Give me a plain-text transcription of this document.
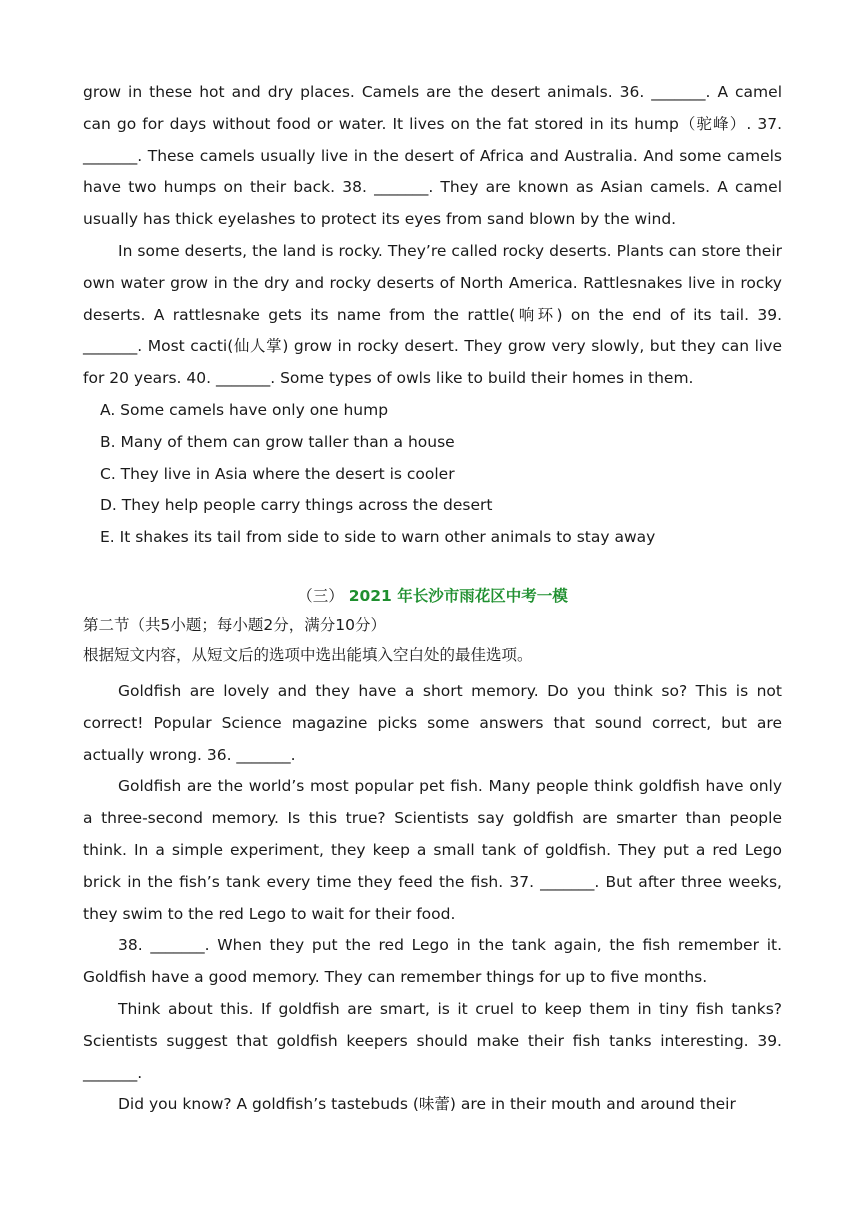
grow in these hot and dry places. Camels are the desert animals. 36. _______. A camel can go for days without food or water. It lives on the fat stored in its hump（驼峰）. 37. _______. These camels usually live in the desert of Africa and Australia. And some camels have two humps on their back. 38. _______. They are known as Asian camels. A camel usually has thick eyelashes to protect its eyes from sand blown by the wind.

In some deserts, the land is rocky. They’re called rocky deserts. Plants can store their own water grow in the dry and rocky deserts of North America. Rattlesnakes live in rocky deserts. A rattlesnake gets its name from the rattle(响环) on the end of its tail. 39. _______. Most cacti(仙人掌) grow in rocky desert. They grow very slowly, but they can live for 20 years. 40. _______. Some types of owls like to build their homes in them.

A. Some camels have only one hump

B. Many of them can grow taller than a house

C. They live in Asia where the desert is cooler

D. They help people carry things across the desert

E. It shakes its tail from side to side to warn other animals to stay away

（三） 2021 年长沙市雨花区中考一模

第二节（共5小题；每小题2分，满分10分）

根据短文内容，从短文后的选项中选出能填入空白处的最佳选项。

Goldfish are lovely and they have a short memory. Do you think so? This is not correct! Popular Science magazine picks some answers that sound correct, but are actually wrong. 36. _______.

Goldfish are the world’s most popular pet fish. Many people think goldfish have only a three-second memory. Is this true? Scientists say goldfish are smarter than people think. In a simple experiment, they keep a small tank of goldfish. They put a red Lego brick in the fish’s tank every time they feed the fish. 37. _______. But after three weeks, they swim to the red Lego to wait for their food.

38. _______. When they put the red Lego in the tank again, the fish remember it. Goldfish have a good memory. They can remember things for up to five months.

Think about this. If goldfish are smart, is it cruel to keep them in tiny fish tanks? Scientists suggest that goldfish keepers should make their fish tanks interesting. 39. _______.

Did you know? A goldfish’s tastebuds (味蕾) are in their mouth and around their
